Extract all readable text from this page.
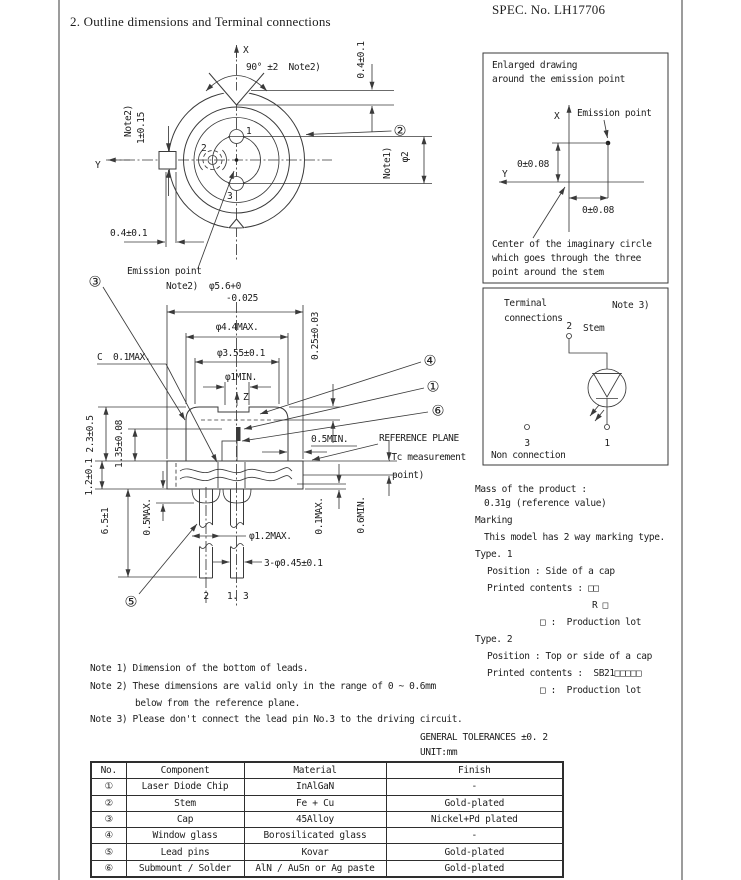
SPEC. No. LH17706
2. Outline dimensions and Terminal connections
X
Y
90° ±2  Note2)
Note2) 1±0.15
0.4±0.1
0.4±0.1
1
2
3
Note1) φ2
②
Emission point
Note2) φ5.6+0
-0.025
φ4.4MAX.
φ3.55±0.1
φ1MIN.
Z
0.25±0.03
④
①
⑥
③
C  0.1MAX.
2.3±0.5 1.35±0.08
1.2±0.1
6.5±1	0.5MAX.
φ1.2MAX.
3-φ0.45±0.1
⑤	2 1. 3
0.5MIN.	REFERENCE PLANE
(Tc measurement
point)
0.6MIN.
0.1MAX.
Enlarged drawing
around the emission point
X
Y
0±0.08
0±0.08
Emission point
Center of the imaginary circle
which goes through the three
point around the stem
Terminal
connections
Note 3)
2 Stem
1
3
Non connection
Mass of the product :
0.31g (reference value)
Marking
This model has 2 way marking type.
Type. 1
Position : Side of a cap
Printed contents : □□
R □
□ :  Production lot
Type. 2
Position : Top or side of a cap
Printed contents :  SB21□□□□□
□ :  Production lot
Note 1) Dimension of the bottom of leads.
Note 2) These dimensions are valid only in the range of 0 ~ 0.6mm
below from the reference plane.
Note 3) Please don't connect the lead pin No.3 to the driving circuit.
GENERAL TOLERANCES ±0. 2
UNIT:mm
No.	Component	Material	Finish
①	Laser Diode Chip	InAlGaN	-
②	Stem	Fe + Cu	Gold-plated
③	Cap	45Alloy	Nickel+Pd plated
④	Window glass	Borosilicated glass	-
⑤	Lead pins	Kovar	Gold-plated
⑥	Submount / Solder	AlN / AuSn or Ag paste	Gold-plated
